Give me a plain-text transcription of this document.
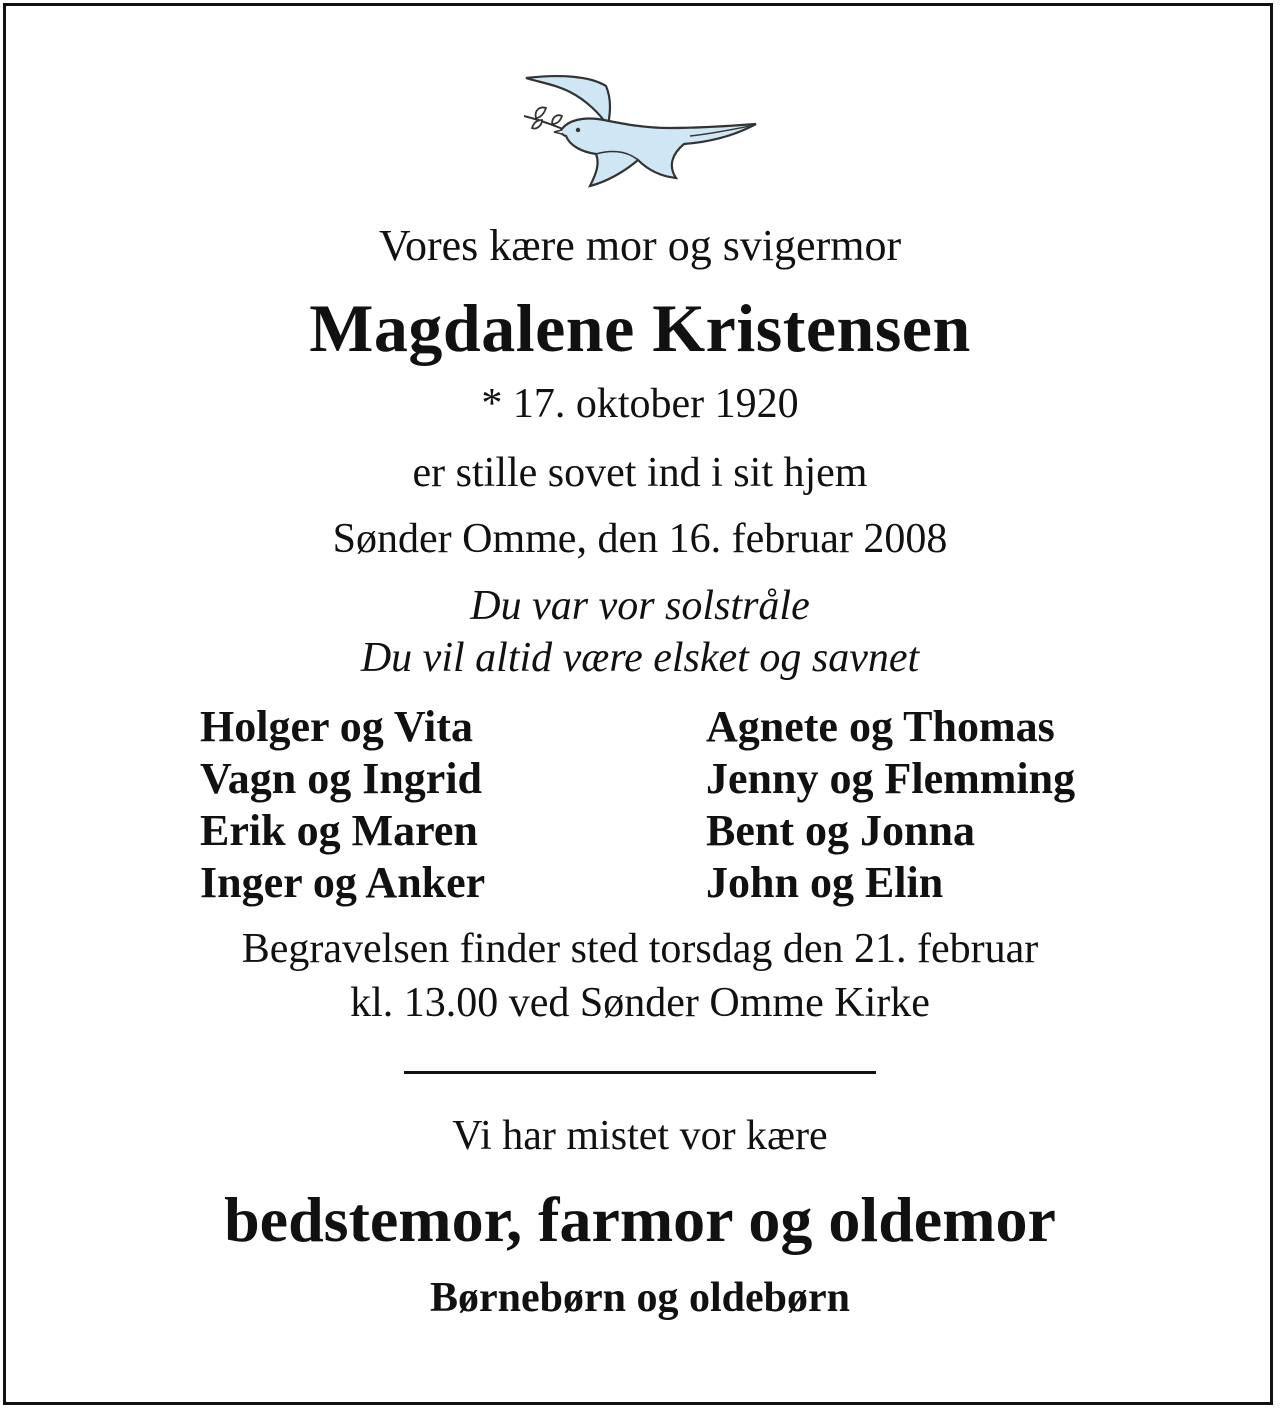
Vores kære mor og svigermor
Magdalene Kristensen
* 17. oktober 1920
er stille sovet ind i sit hjem
Sønder Omme, den 16. februar 2008
Du var vor solstråle
Du vil altid være elsket og savnet
Holger og Vita
Vagn og Ingrid
Erik og Maren
Inger og Anker
Agnete og Thomas
Jenny og Flemming
Bent og Jonna
John og Elin
Begravelsen finder sted torsdag den 21. februar
kl. 13.00 ved Sønder Omme Kirke
Vi har mistet vor kære
bedstemor, farmor og oldemor
Børnebørn og oldebørn
